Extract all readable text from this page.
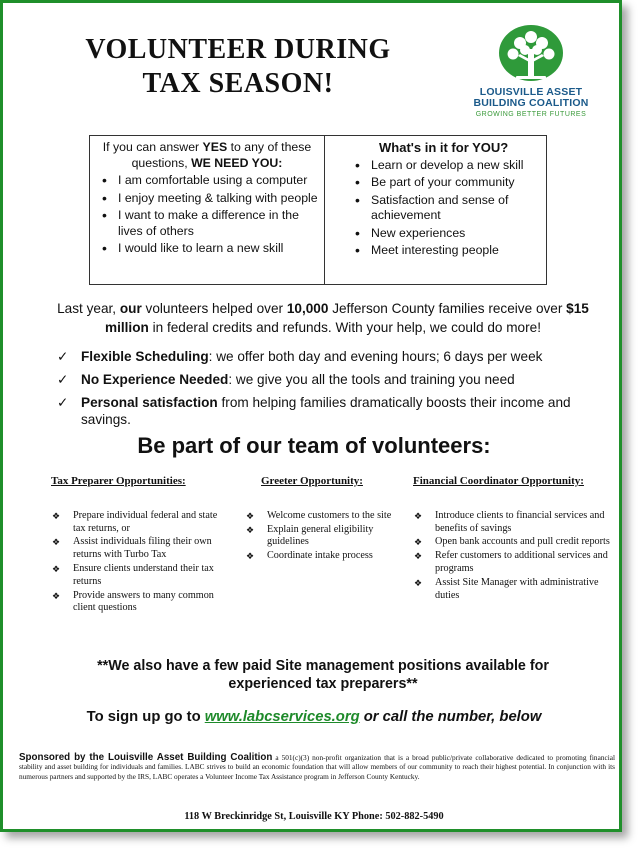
VOLUNTEER DURING
TAX SEASON!	LOUISVILLE ASSET
BUILDING COALITION
GROWING BETTER FUTURES
If you can answer YES to any of these questions, WE NEED YOU:
• I am comfortable using a computer
• I enjoy meeting & talking with people
• I want to make a difference in the lives of others
• I would like to learn a new skill
What's in it for YOU?
• Learn or develop a new skill
• Be part of your community
• Satisfaction and sense of achievement
• New experiences
• Meet interesting people
Last year, our volunteers helped over 10,000 Jefferson County families receive over $15 million in federal credits and refunds. With your help, we could do more!
✓ Flexible Scheduling: we offer both day and evening hours; 6 days per week
✓ No Experience Needed: we give you all the tools and training you need
✓ Personal satisfaction from helping families dramatically boosts their income and savings.
Be part of our team of volunteers:
Tax Preparer Opportunities:
❖ Prepare individual federal and state tax returns, or
❖ Assist individuals filing their own returns with Turbo Tax
❖ Ensure clients understand their tax returns
❖ Provide answers to many common client questions
Greeter Opportunity:
❖ Welcome customers to the site
❖ Explain general eligibility guidelines
❖ Coordinate intake process
Financial Coordinator Opportunity:
❖ Introduce clients to financial services and benefits of savings
❖ Open bank accounts and pull credit reports
❖ Refer customers to additional services and programs
❖ Assist Site Manager with administrative duties
**We also have a few paid Site management positions available for experienced tax preparers**
To sign up go to www.labcservices.org or call the number, below
Sponsored by the Louisville Asset Building Coalition a 501(c)(3) non-profit organization that is a broad public/private collaborative dedicated to promoting financial stability and asset building for individuals and families. LABC strives to build an economic foundation that will allow members of our community to reach their highest potential. In conjunction with its numerous partners and supported by the IRS, LABC operates a Volunteer Income Tax Assistance program in Jefferson County Kentucky.
118 W Breckinridge St, Louisville KY Phone: 502-882-5490
